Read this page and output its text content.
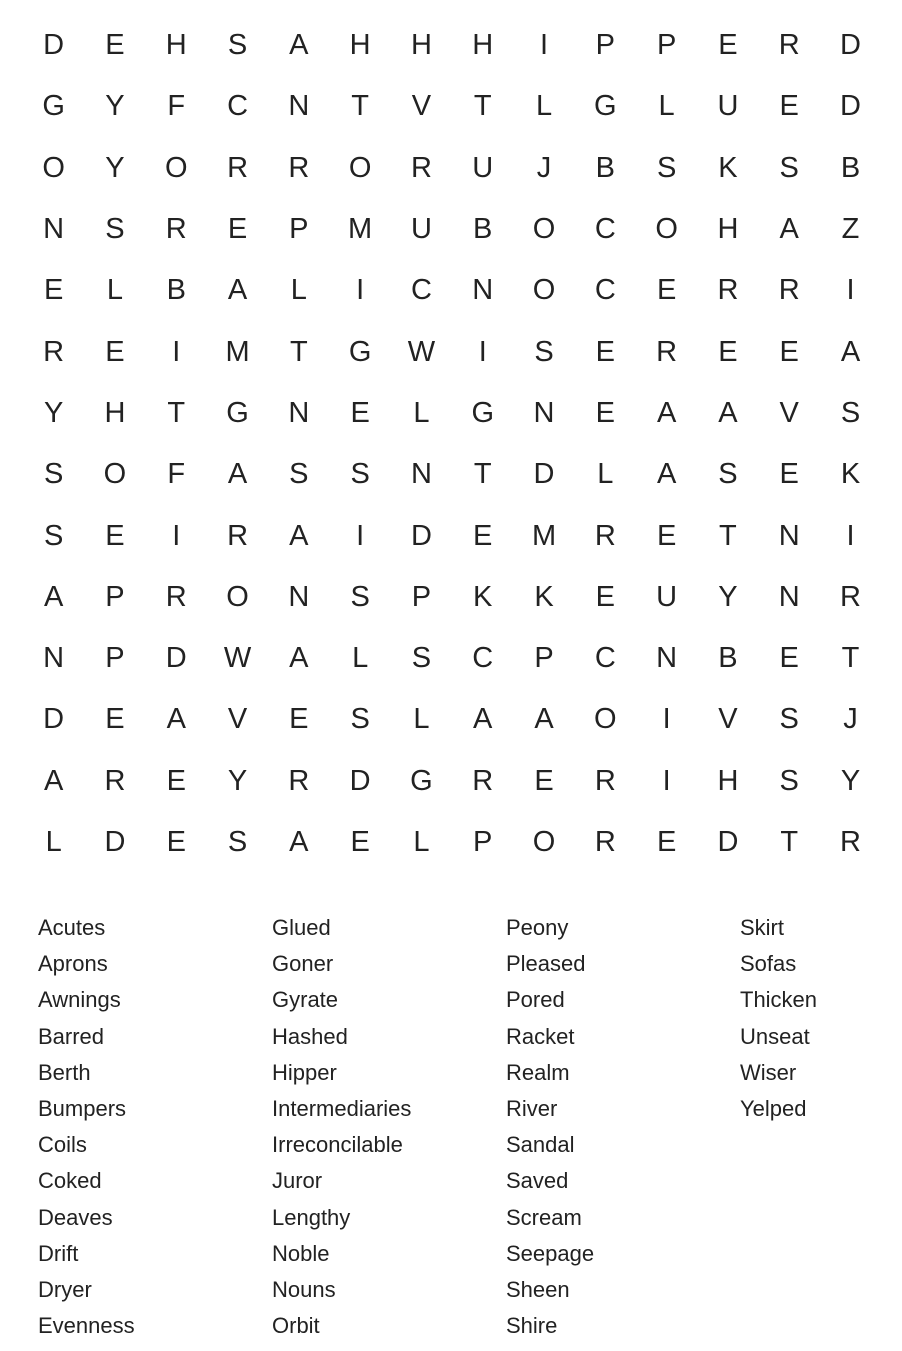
D	E	H	S	A	H	H	H	I	P	P	E	R	D
G	Y	F	C	N	T	V	T	L	G	L	U	E	D
O	Y	O	R	R	O	R	U	J	B	S	K	S	B
N	S	R	E	P	M	U	B	O	C	O	H	A	Z
E	L	B	A	L	I	C	N	O	C	E	R	R	I
R	E	I	M	T	G	W	I	S	E	R	E	E	A
Y	H	T	G	N	E	L	G	N	E	A	A	V	S
S	O	F	A	S	S	N	T	D	L	A	S	E	K
S	E	I	R	A	I	D	E	M	R	E	T	N	I
A	P	R	O	N	S	P	K	K	E	U	Y	N	R
N	P	D	W	A	L	S	C	P	C	N	B	E	T
D	E	A	V	E	S	L	A	A	O	I	V	S	J
A	R	E	Y	R	D	G	R	E	R	I	H	S	Y
L	D	E	S	A	E	L	P	O	R	E	D	T	R
Acutes
Aprons
Awnings
Barred
Berth
Bumpers
Coils
Coked
Deaves
Drift
Dryer
Evenness
Glued
Goner
Gyrate
Hashed
Hipper
Intermediaries
Irreconcilable
Juror
Lengthy
Noble
Nouns
Orbit
Peony
Pleased
Pored
Racket
Realm
River
Sandal
Saved
Scream
Seepage
Sheen
Shire
Skirt
Sofas
Thicken
Unseat
Wiser
Yelped
